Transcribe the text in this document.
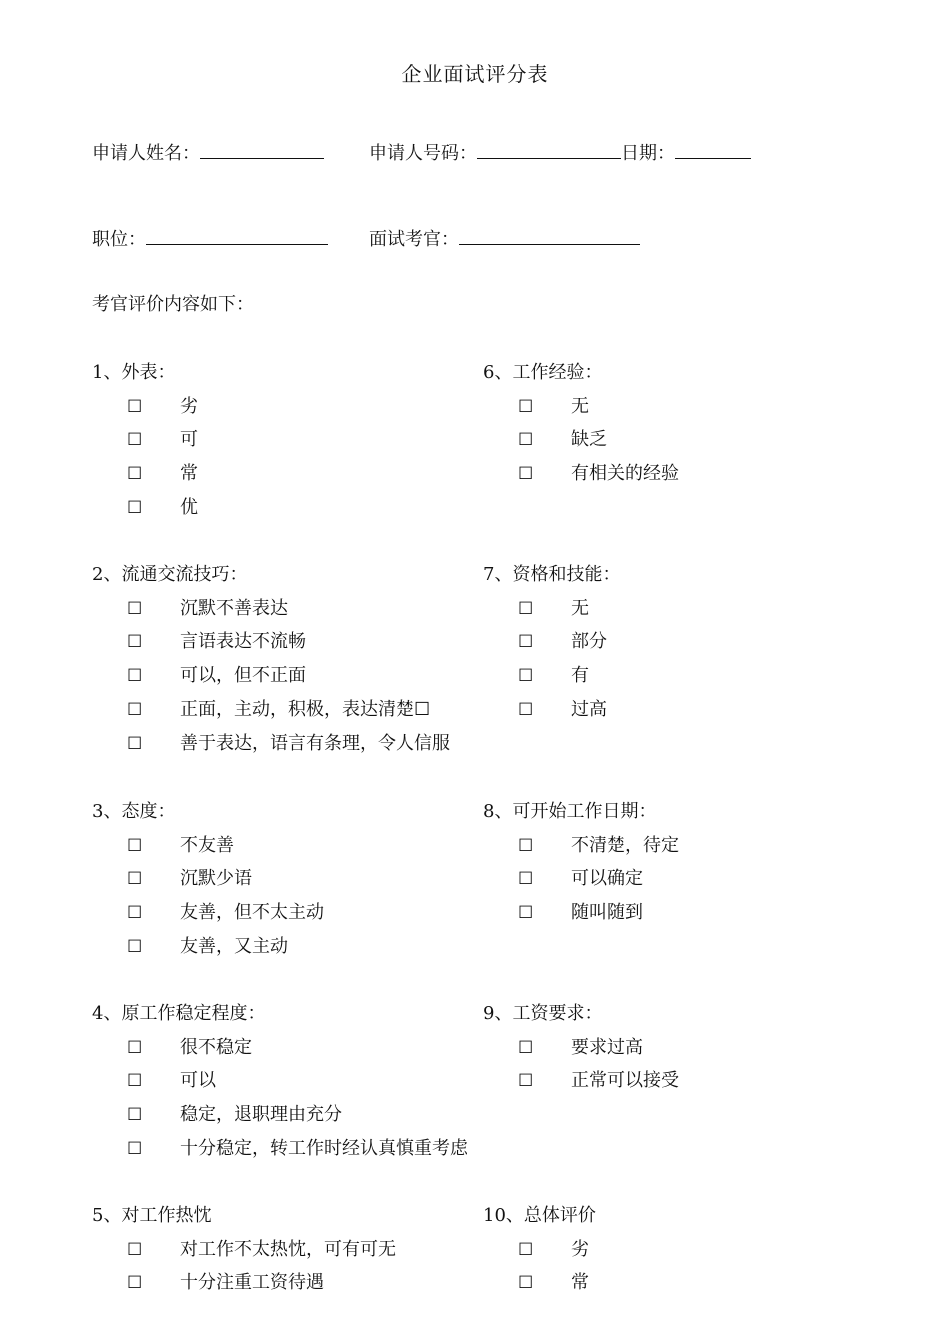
企业面试评分表
申请人姓名：	申请人号码：	日期：
职位：	面试考官：
考官评价内容如下：
1、外表：
☐ 劣
☐ 可
☐ 常
☐ 优
6、工作经验：
☐ 无
☐ 缺乏
☐ 有相关的经验
2、流通交流技巧：
☐ 沉默不善表达
☐ 言语表达不流畅
☐ 可以，但不正面
☐ 正面，主动，积极，表达清楚☐
☐ 善于表达，语言有条理，令人信服
7、资格和技能：
☐ 无
☐ 部分
☐ 有
☐ 过高
3、态度：
☐ 不友善
☐ 沉默少语
☐ 友善，但不太主动
☐ 友善，又主动
8、可开始工作日期：
☐ 不清楚，待定
☐ 可以确定
☐ 随叫随到
4、原工作稳定程度：
☐ 很不稳定
☐ 可以
☐ 稳定，退职理由充分
☐ 十分稳定，转工作时经认真慎重考虑
9、工资要求：
☐ 要求过高
☐ 正常可以接受
5、对工作热忱
☐ 对工作不太热忱，可有可无
☐ 十分注重工资待遇
10、总体评价
☐ 劣
☐ 常
